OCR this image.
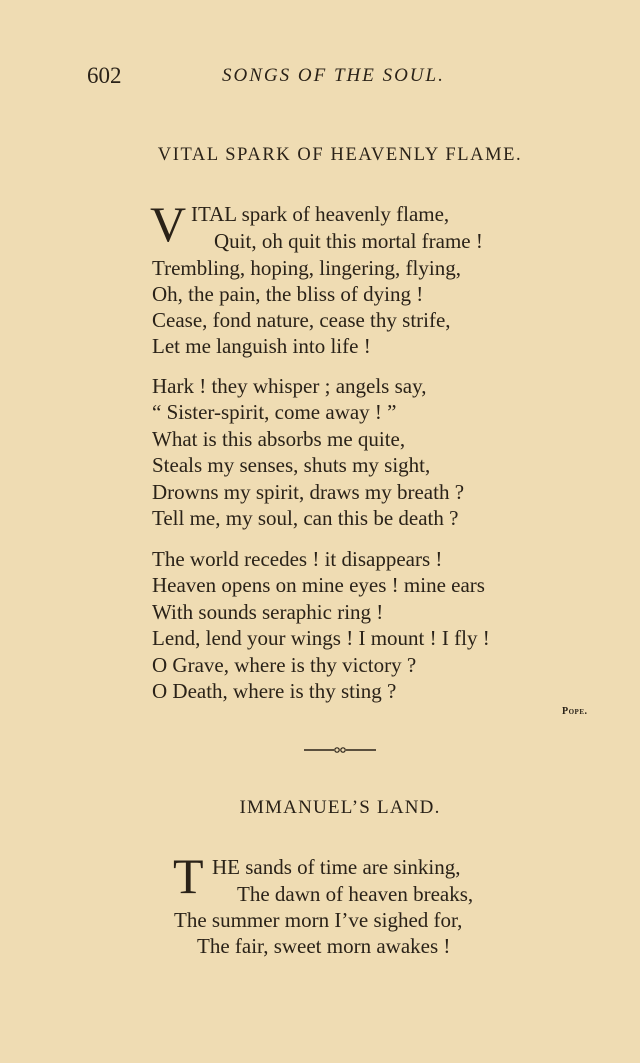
602	SONGS OF THE SOUL.
VITAL SPARK OF HEAVENLY FLAME.
V ITAL spark of heavenly flame,
Quit, oh quit this mortal frame !
Trembling, hoping, lingering, flying,
Oh, the pain, the bliss of dying !
Cease, fond nature, cease thy strife,
Let me languish into life !
Hark ! they whisper ; angels say,
“ Sister-spirit, come away ! ”
What is this absorbs me quite,
Steals my senses, shuts my sight,
Drowns my spirit, draws my breath ?
Tell me, my soul, can this be death ?
The world recedes ! it disappears !
Heaven opens on mine eyes ! mine ears
With sounds seraphic ring !
Lend, lend your wings ! I mount ! I fly !
O Grave, where is thy victory ?
O Death, where is thy sting ?
Pope.
IMMANUEL’S LAND.
T HE sands of time are sinking,
The dawn of heaven breaks,
The summer morn I’ve sighed for,
The fair, sweet morn awakes !
